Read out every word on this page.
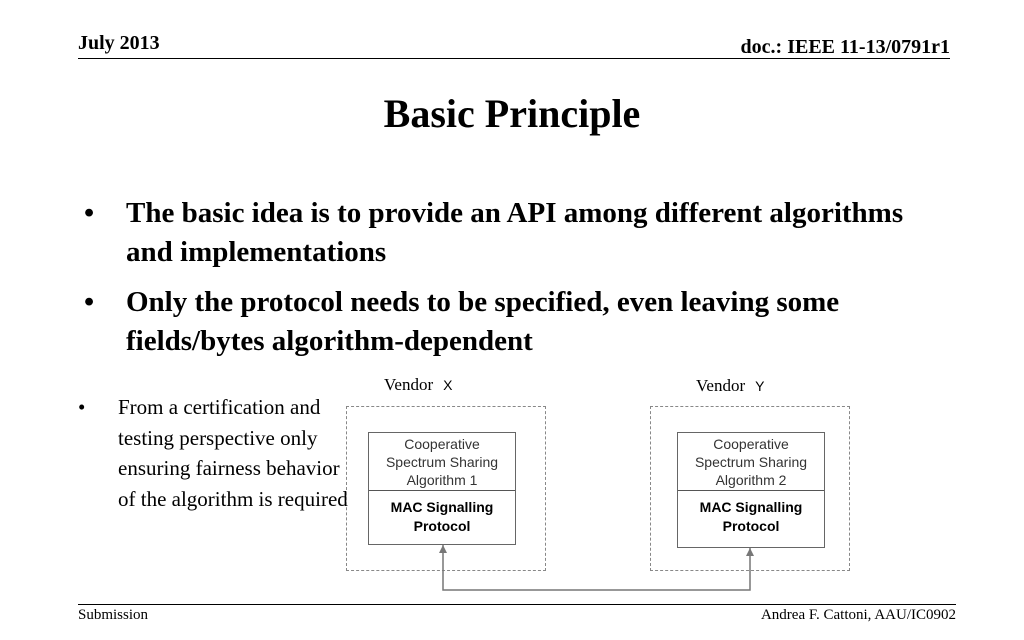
July 2013	doc.: IEEE 11-13/0791r1
Basic Principle
• The basic idea is to provide an API among different algorithms and implementations
• Only the protocol needs to be specified, even leaving some fields/bytes algorithm-dependent
•	From a certification and testing perspective only ensuring fairness behavior of the algorithm is required
Vendor X	Vendor Y
Cooperative
Spectrum Sharing
Algorithm 1
MAC Signalling
Protocol
Cooperative
Spectrum Sharing
Algorithm 2
MAC Signalling
Protocol
Submission	Andrea F. Cattoni, AAU/IC0902
